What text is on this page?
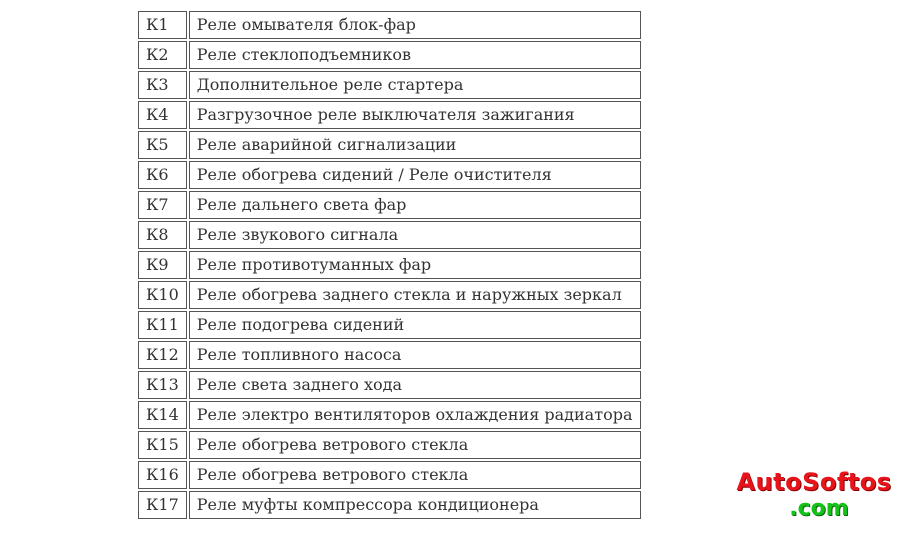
К1	Реле омывателя блок-фар
К2	Реле стеклоподъемников
К3	Дополнительное реле стартера
К4	Разгрузочное реле выключателя зажигания
К5	Реле аварийной сигнализации
К6	Реле обогрева сидений / Реле очистителя
К7	Реле дальнего света фар
К8	Реле звукового сигнала
К9	Реле противотуманных фар
К10	Реле обогрева заднего стекла и наружных зеркал
К11	Реле подогрева сидений
К12	Реле топливного насоса
К13	Реле света заднего хода
К14	Реле электро вентиляторов охлаждения радиатора
К15	Реле обогрева ветрового стекла
К16	Реле обогрева ветрового стекла
К17	Реле муфты компрессора кондиционера
AutoSoftos
.com
